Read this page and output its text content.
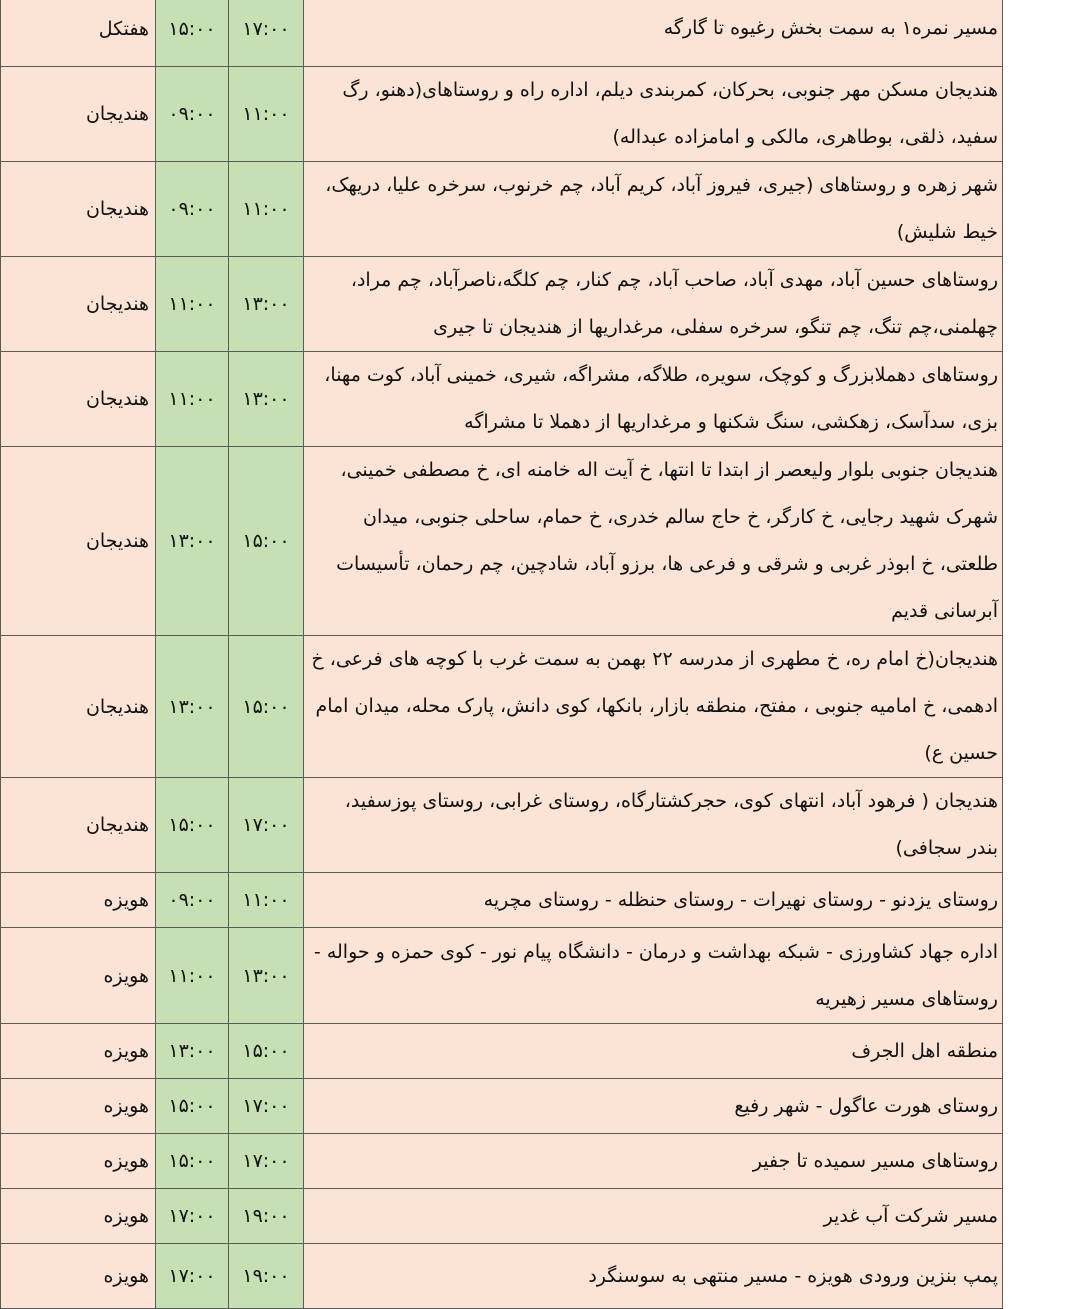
هفتکل	۱۵:۰۰	۱۷:۰۰	مسیر نمره۱ به سمت بخش رغیوه تا گارگه
هندیجان	۰۹:۰۰	۱۱:۰۰	هندیجان مسکن مهر جنوبی، بحرکان، کمربندی دیلم، اداره راه و روستاهای(دهنو، رگ سفید، ذلقی، بوطاهری، مالکی و امامزاده عبداله)
هندیجان	۰۹:۰۰	۱۱:۰۰	شهر زهره و روستاهای (جیری، فیروز آباد، کریم آباد، چم خرنوب، سرخره علیا، دریهک، خیط شلیش)
هندیجان	۱۱:۰۰	۱۳:۰۰	روستاهای حسین آباد، مهدی آباد، صاحب آباد، چم کنار، چم کلگه،ناصرآباد، چم مراد، چهلمنی،چم تنگ، چم تنگو، سرخره سفلی، مرغداریها از هندیجان تا جیری
هندیجان	۱۱:۰۰	۱۳:۰۰	روستاهای دهملابزرگ و کوچک، سویره، طلاگه، مشراگه، شیری، خمینی آباد، کوت مهنا، بزی، سدآسک، زهکشی، سنگ شکنها و مرغداریها از دهملا تا مشراگه
هندیجان	۱۳:۰۰	۱۵:۰۰	هندیجان جنوبی بلوار ولیعصر از ابتدا تا انتها، خ آیت اله خامنه ای، خ مصطفی خمینی، شهرک شهید رجایی، خ کارگر، خ حاج سالم خدری، خ حمام، ساحلی جنوبی، میدان طلعتی، خ ابوذر غربی و شرقی و فرعی ها، برزو آباد، شادچین، چم رحمان، تأسیسات آبرسانی قدیم
هندیجان	۱۳:۰۰	۱۵:۰۰	هندیجان(خ امام ره، خ مطهری از مدرسه ۲۲ بهمن به سمت غرب با کوچه های فرعی، خ ادهمی، خ امامیه جنوبی ، مفتح، منطقه بازار، بانکها، کوی دانش، پارک محله، میدان امام حسین ع)
هندیجان	۱۵:۰۰	۱۷:۰۰	هندیجان ( فرهود آباد، انتهای کوی، حجرکشتارگاه، روستای غرابی، روستای پوزسفید، بندر سجافی)
هویزه	۰۹:۰۰	۱۱:۰۰	روستای یزدنو - روستای نهیرات - روستای حنظله - روستای مچریه
هویزه	۱۱:۰۰	۱۳:۰۰	اداره جهاد کشاورزی - شبکه بهداشت و درمان - دانشگاه پیام نور - کوی حمزه و حواله - روستاهای مسیر زهیریه
هویزه	۱۳:۰۰	۱۵:۰۰	منطقه اهل الجرف
هویزه	۱۵:۰۰	۱۷:۰۰	روستای هورت عاگول - شهر رفیع
هویزه	۱۵:۰۰	۱۷:۰۰	روستاهای مسیر سمیده تا جفیر
هویزه	۱۷:۰۰	۱۹:۰۰	مسیر شرکت آب غدیر
هویزه	۱۷:۰۰	۱۹:۰۰	پمپ بنزین ورودی هویزه - مسیر منتهی به سوسنگرد
